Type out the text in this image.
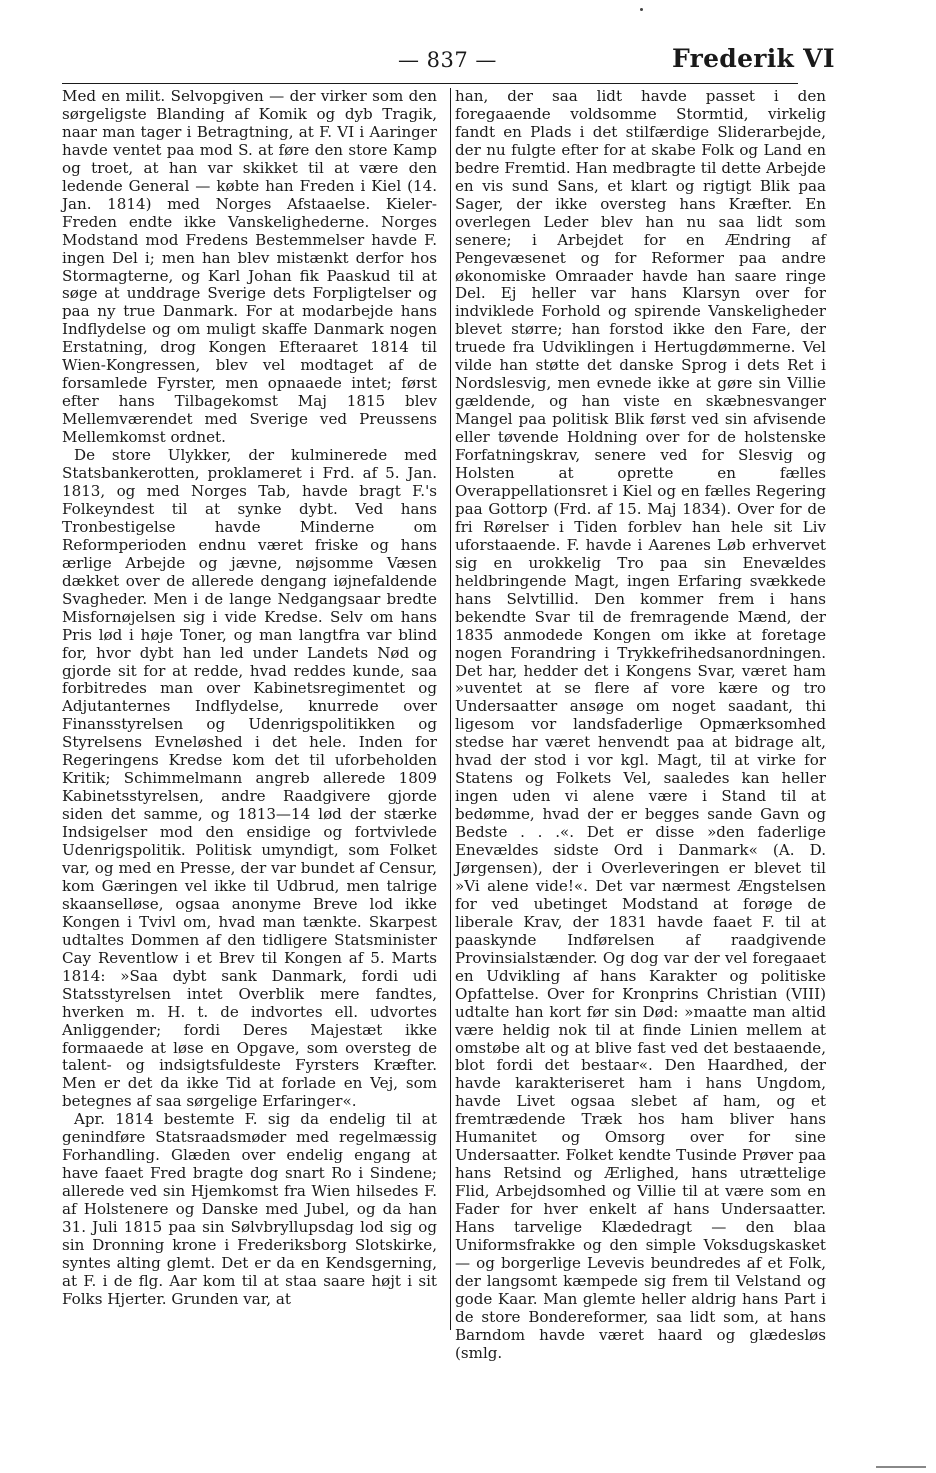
— 837 —	Frederik VI

Med en milit. Selvopgiven — der virker som den sørgeligste Blanding af Komik og dyb Tragik, naar man tager i Betragtning, at F. VI i Aaringer havde ventet paa mod S. at føre den store Kamp og troet, at han var skikket til at være den ledende General — købte han Freden i Kiel (14. Jan. 1814) med Norges Afstaaelse. Kieler-Freden endte ikke Vanskelighederne. Norges Modstand mod Fredens Bestemmelser havde F. ingen Del i; men han blev mistænkt derfor hos Stormagterne, og Karl Johan fik Paaskud til at søge at unddrage Sverige dets Forpligtelser og paa ny true Danmark. For at modarbejde hans Indflydelse og om muligt skaffe Danmark nogen Erstatning, drog Kongen Efteraaret 1814 til Wien-Kongressen, blev vel modtaget af de forsamlede Fyrster, men opnaaede intet; først efter hans Tilbagekomst Maj 1815 blev Mellemværendet med Sverige ved Preussens Mellemkomst ordnet.

De store Ulykker, der kulminerede med Statsbankerotten, proklameret i Frd. af 5. Jan. 1813, og med Norges Tab, havde bragt F.'s Folkeyndest til at synke dybt. Ved hans Tronbestigelse havde Minderne om Reformperioden endnu været friske og hans ærlige Arbejde og jævne, nøjsomme Væsen dækket over de allerede dengang iøjnefaldende Svagheder. Men i de lange Nedgangsaar bredte Misfornøjelsen sig i vide Kredse. Selv om hans Pris lød i høje Toner, og man langtfra var blind for, hvor dybt han led under Landets Nød og gjorde sit for at redde, hvad reddes kunde, saa forbitredes man over Kabinetsregimentet og Adjutanternes Indflydelse, knurrede over Finansstyrelsen og Udenrigspolitikken og Styrelsens Evneløshed i det hele. Inden for Regeringens Kredse kom det til uforbeholden Kritik; Schimmelmann angreb allerede 1809 Kabinetsstyrelsen, andre Raadgivere gjorde siden det samme, og 1813—14 lød der stærke Indsigelser mod den ensidige og fortvivlede Udenrigspolitik. Politisk umyndigt, som Folket var, og med en Presse, der var bundet af Censur, kom Gæringen vel ikke til Udbrud, men talrige skaanselløse, ogsaa anonyme Breve lod ikke Kongen i Tvivl om, hvad man tænkte. Skarpest udtaltes Dommen af den tidligere Statsminister Cay Reventlow i et Brev til Kongen af 5. Marts 1814: »Saa dybt sank Danmark, fordi udi Statsstyrelsen intet Overblik mere fandtes, hverken m. H. t. de indvortes ell. udvortes Anliggender; fordi Deres Majestæt ikke formaaede at løse en Opgave, som oversteg de talent- og indsigtsfuldeste Fyrsters Kræfter. Men er det da ikke Tid at forlade en Vej, som betegnes af saa sørgelige Erfaringer«.

Apr. 1814 bestemte F. sig da endelig til at genindføre Statsraadsmøder med regelmæssig Forhandling. Glæden over endelig engang at have faaet Fred bragte dog snart Ro i Sindene; allerede ved sin Hjemkomst fra Wien hilsedes F. af Holstenere og Danske med Jubel, og da han 31. Juli 1815 paa sin Sølvbryllupsdag lod sig og sin Dronning krone i Frederiksborg Slotskirke, syntes alting glemt. Det er da en Kendsgerning, at F. i de flg. Aar kom til at staa saare højt i sit Folks Hjerter. Grunden var, at

han, der saa lidt havde passet i den foregaaende voldsomme Stormtid, virkelig fandt en Plads i det stilfærdige Sliderarbejde, der nu fulgte efter for at skabe Folk og Land en bedre Fremtid. Han medbragte til dette Arbejde en vis sund Sans, et klart og rigtigt Blik paa Sager, der ikke oversteg hans Kræfter. En overlegen Leder blev han nu saa lidt som senere; i Arbejdet for en Ændring af Pengevæsenet og for Reformer paa andre økonomiske Omraader havde han saare ringe Del. Ej heller var hans Klarsyn over for indviklede Forhold og spirende Vanskeligheder blevet større; han forstod ikke den Fare, der truede fra Udviklingen i Hertugdømmerne. Vel vilde han støtte det danske Sprog i dets Ret i Nordslesvig, men evnede ikke at gøre sin Villie gældende, og han viste en skæbnesvanger Mangel paa politisk Blik først ved sin afvisende eller tøvende Holdning over for de holstenske Forfatningskrav, senere ved for Slesvig og Holsten at oprette en fælles Overappellationsret i Kiel og en fælles Regering paa Gottorp (Frd. af 15. Maj 1834). Over for de fri Rørelser i Tiden forblev han hele sit Liv uforstaaende. F. havde i Aarenes Løb erhvervet sig en urokkelig Tro paa sin Enevældes heldbringende Magt, ingen Erfaring svækkede hans Selvtillid. Den kommer frem i hans bekendte Svar til de fremragende Mænd, der 1835 anmodede Kongen om ikke at foretage nogen Forandring i Trykkefrihedsanordningen. Det har, hedder det i Kongens Svar, været ham »uventet at se flere af vore kære og tro Undersaatter ansøge om noget saadant, thi ligesom vor landsfaderlige Opmærksomhed stedse har været henvendt paa at bidrage alt, hvad der stod i vor kgl. Magt, til at virke for Statens og Folkets Vel, saaledes kan heller ingen uden vi alene være i Stand til at bedømme, hvad der er begges sande Gavn og Bedste . . .«. Det er disse »den faderlige Enevældes sidste Ord i Danmark« (A. D. Jørgensen), der i Overleveringen er blevet til »Vi alene vide!«. Det var nærmest Ængstelsen for ved ubetinget Modstand at forøge de liberale Krav, der 1831 havde faaet F. til at paaskynde Indførelsen af raadgivende Provinsialstænder. Og dog var der vel foregaaet en Udvikling af hans Karakter og politiske Opfattelse. Over for Kronprins Christian (VIII) udtalte han kort før sin Død: »maatte man altid være heldig nok til at finde Linien mellem at omstøbe alt og at blive fast ved det bestaaende, blot fordi det bestaar«. Den Haardhed, der havde karakteriseret ham i hans Ungdom, havde Livet ogsaa slebet af ham, og et fremtrædende Træk hos ham bliver hans Humanitet og Omsorg over for sine Undersaatter. Folket kendte Tusinde Prøver paa hans Retsind og Ærlighed, hans utrættelige Flid, Arbejdsomhed og Villie til at være som en Fader for hver enkelt af hans Undersaatter. Hans tarvelige Klædedragt — den blaa Uniformsfrakke og den simple Voksdugskasket — og borgerlige Levevis beundredes af et Folk, der langsomt kæmpede sig frem til Velstand og gode Kaar. Man glemte heller aldrig hans Part i de store Bondereformer, saa lidt som, at hans Barndom havde været haard og glædesløs (smlg.
